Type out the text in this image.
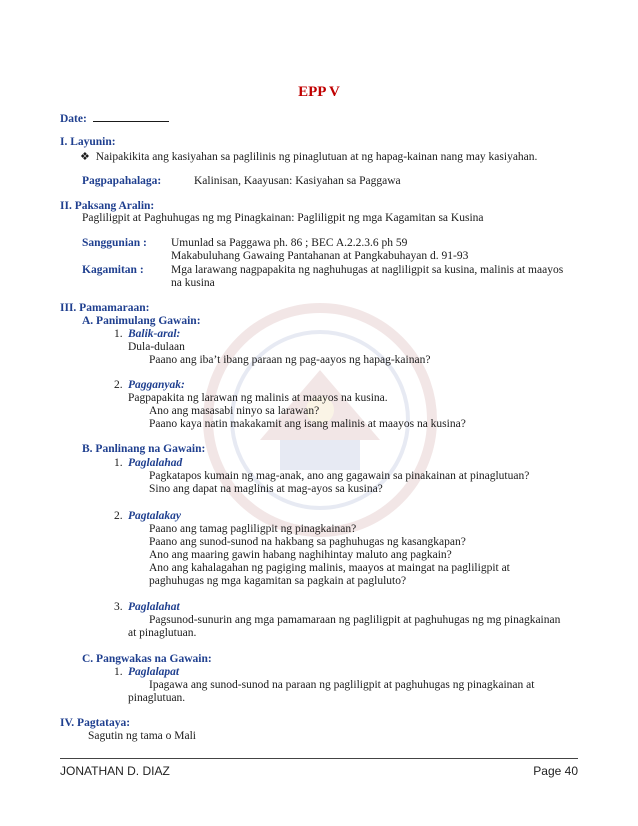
EPP V
Date:
I. Layunin:
❖ Naipakikita ang kasiyahan sa paglilinis ng pinaglutuan at ng hapag-kainan nang may kasiyahan.
Pagpapahalaga:	Kalinisan, Kaayusan: Kasiyahan sa Paggawa
II. Paksang Aralin:
Pagliligpit at Paghuhugas ng mg Pinagkainan: Pagliligpit ng mga Kagamitan sa Kusina
Sanggunian : Umunlad sa Paggawa ph. 86 ; BEC A.2.2.3.6 ph 59
Makabuluhang Gawaing Pantahanan at Pangkabuhayan d. 91-93
Kagamitan : Mga larawang nagpapakita ng naghuhugas at nagliligpit sa kusina, malinis at maayos
na kusina
III. Pamamaraan:
A. Panimulang Gawain:
1. Balik-aral:
Dula-dulaan
Paano ang iba’t ibang paraan ng pag-aayos ng hapag-kainan?
2. Pagganyak:
Pagpapakita ng larawan ng malinis at maayos na kusina.
Ano ang masasabi ninyo sa larawan?
Paano kaya natin makakamit ang isang malinis at maayos na kusina?
B. Panlinang na Gawain:
1. Paglalahad
Pagkatapos kumain ng mag-anak, ano ang gagawain sa pinakainan at pinaglutuan?
Sino ang dapat na maglinis at mag-ayos sa kusina?
2. Pagtalakay
Paano ang tamag pagliligpit ng pinagkainan?
Paano ang sunod-sunod na hakbang sa paghuhugas ng kasangkapan?
Ano ang maaring gawin habang naghihintay maluto ang pagkain?
Ano ang kahalagahan ng pagiging malinis, maayos at maingat na pagliligpit at
paghuhugas ng mga kagamitan sa pagkain at pagluluto?
3. Paglalahat
Pagsunod-sunurin ang mga pamamaraan ng pagliligpit at paghuhugas ng mg pinagkainan
at pinaglutuan.
C. Pangwakas na Gawain:
1. Paglalapat
Ipagawa ang sunod-sunod na paraan ng pagliligpit at paghuhugas ng pinagkainan at
pinaglutuan.
IV. Pagtataya:
Sagutin ng tama o Mali
JONATHAN D. DIAZ	Page 40
